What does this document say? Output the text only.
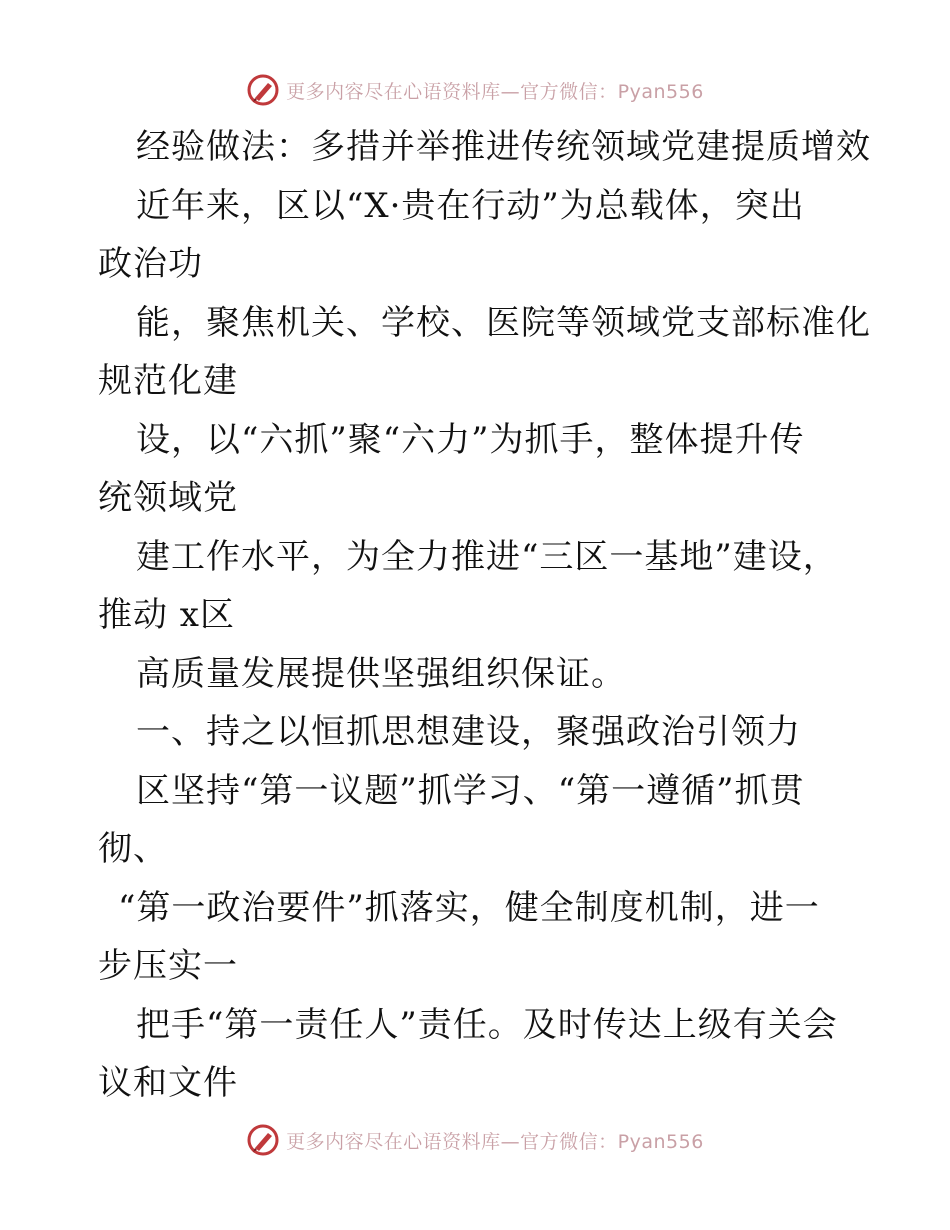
更多内容尽在心语资料库—官方微信：Pyan556
经验做法：多措并举推进传统领域党建提质增效
近年来，区以“X·贵在行动”为总载体，突出
政治功
能，聚焦机关、学校、医院等领域党支部标准化
规范化建
设，以“六抓”聚“六力”为抓手，整体提升传
统领域党
建工作水平，为全力推进“三区一基地”建设，
推动 x区
高质量发展提供坚强组织保证。
一、持之以恒抓思想建设，聚强政治引领力
区坚持“第一议题”抓学习、“第一遵循”抓贯
彻、
“第一政治要件”抓落实，健全制度机制，进一
步压实一
把手“第一责任人”责任。及时传达上级有关会
议和文件
更多内容尽在心语资料库—官方微信：Pyan556
